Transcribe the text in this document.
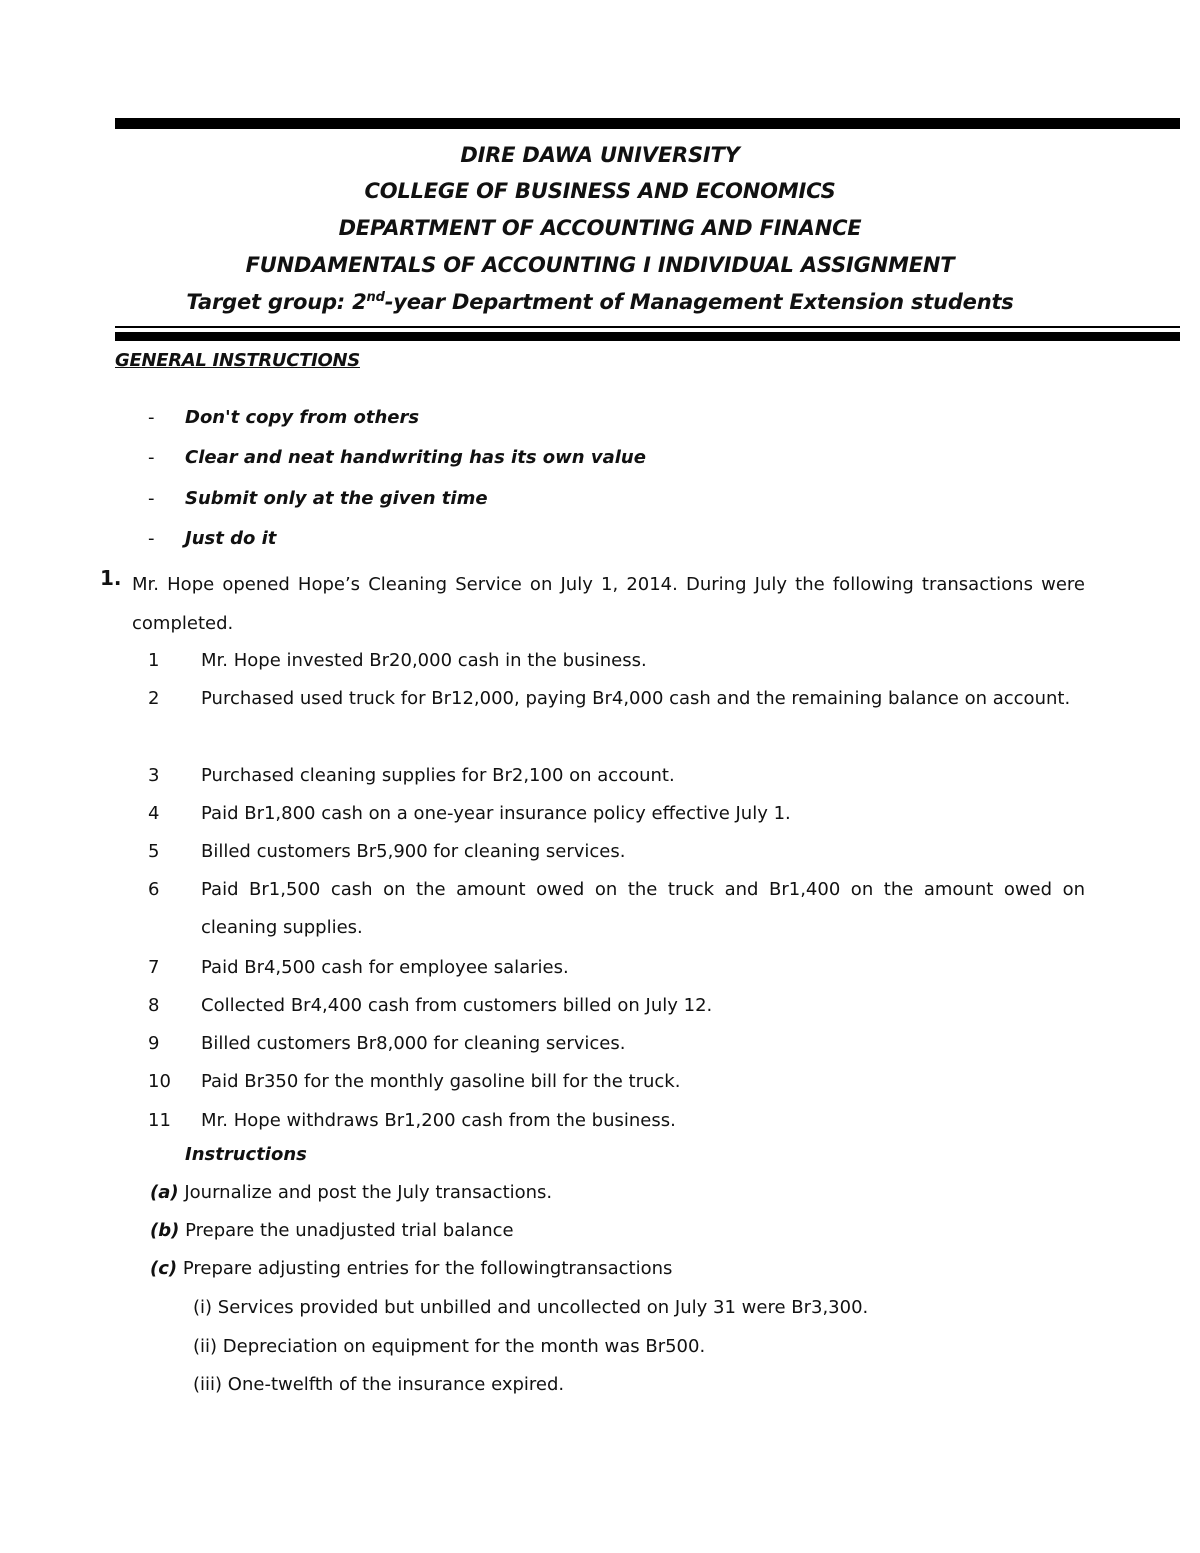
DIRE DAWA UNIVERSITY
COLLEGE OF BUSINESS AND ECONOMICS
DEPARTMENT OF ACCOUNTING AND FINANCE
FUNDAMENTALS OF ACCOUNTING I INDIVIDUAL ASSIGNMENT
Target group: 2nd-year Department of Management Extension students
GENERAL INSTRUCTIONS
- Don't copy from others
- Clear and neat handwriting has its own value
- Submit only at the given time
- Just do it
1. Mr. Hope opened Hope’s Cleaning Service on July 1, 2014. During July the following transactions were completed.
1	Mr. Hope invested Br20,000 cash in the business.
2	Purchased used truck for Br12,000, paying Br4,000 cash and the remaining balance on account.
3	Purchased cleaning supplies for Br2,100 on account.
4	Paid Br1,800 cash on a one-year insurance policy effective July 1.
5	Billed customers Br5,900 for cleaning services.
6	Paid Br1,500 cash on the amount owed on the truck and Br1,400 on the amount owed on cleaning supplies.
7	Paid Br4,500 cash for employee salaries.
8	Collected Br4,400 cash from customers billed on July 12.
9	Billed customers Br8,000 for cleaning services.
10	Paid Br350 for the monthly gasoline bill for the truck.
11	Mr. Hope withdraws Br1,200 cash from the business.
Instructions
(a) Journalize and post the July transactions.
(b) Prepare the unadjusted trial balance
(c) Prepare adjusting entries for the followingtransactions
(i) Services provided but unbilled and uncollected on July 31 were Br3,300.
(ii) Depreciation on equipment for the month was Br500.
(iii) One-twelfth of the insurance expired.
